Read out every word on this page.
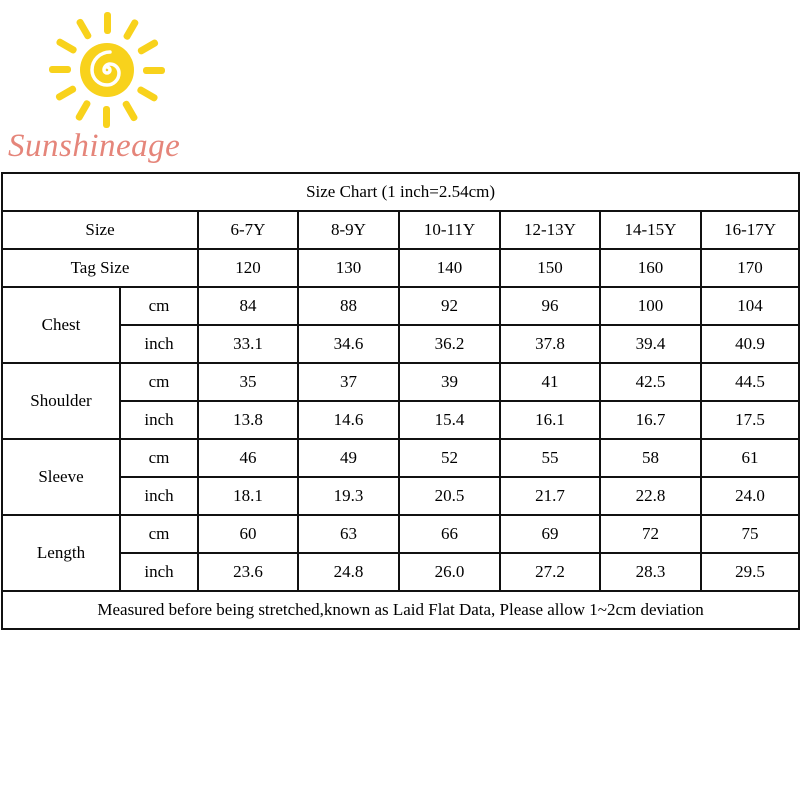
Sunshineage
Size Chart (1 inch=2.54cm)							
Size		6-7Y	8-9Y	10-11Y	12-13Y	14-15Y	16-17Y
Tag Size		120	130	140	150	160	170
Chest	cm	84	88	92	96	100	104
	inch	33.1	34.6	36.2	37.8	39.4	40.9
Shoulder	cm	35	37	39	41	42.5	44.5
	inch	13.8	14.6	15.4	16.1	16.7	17.5
Sleeve	cm	46	49	52	55	58	61
	inch	18.1	19.3	20.5	21.7	22.8	24.0
Length	cm	60	63	66	69	72	75
	inch	23.6	24.8	26.0	27.2	28.3	29.5
Measured before being stretched,known as Laid Flat Data, Please allow 1~2cm deviation							
